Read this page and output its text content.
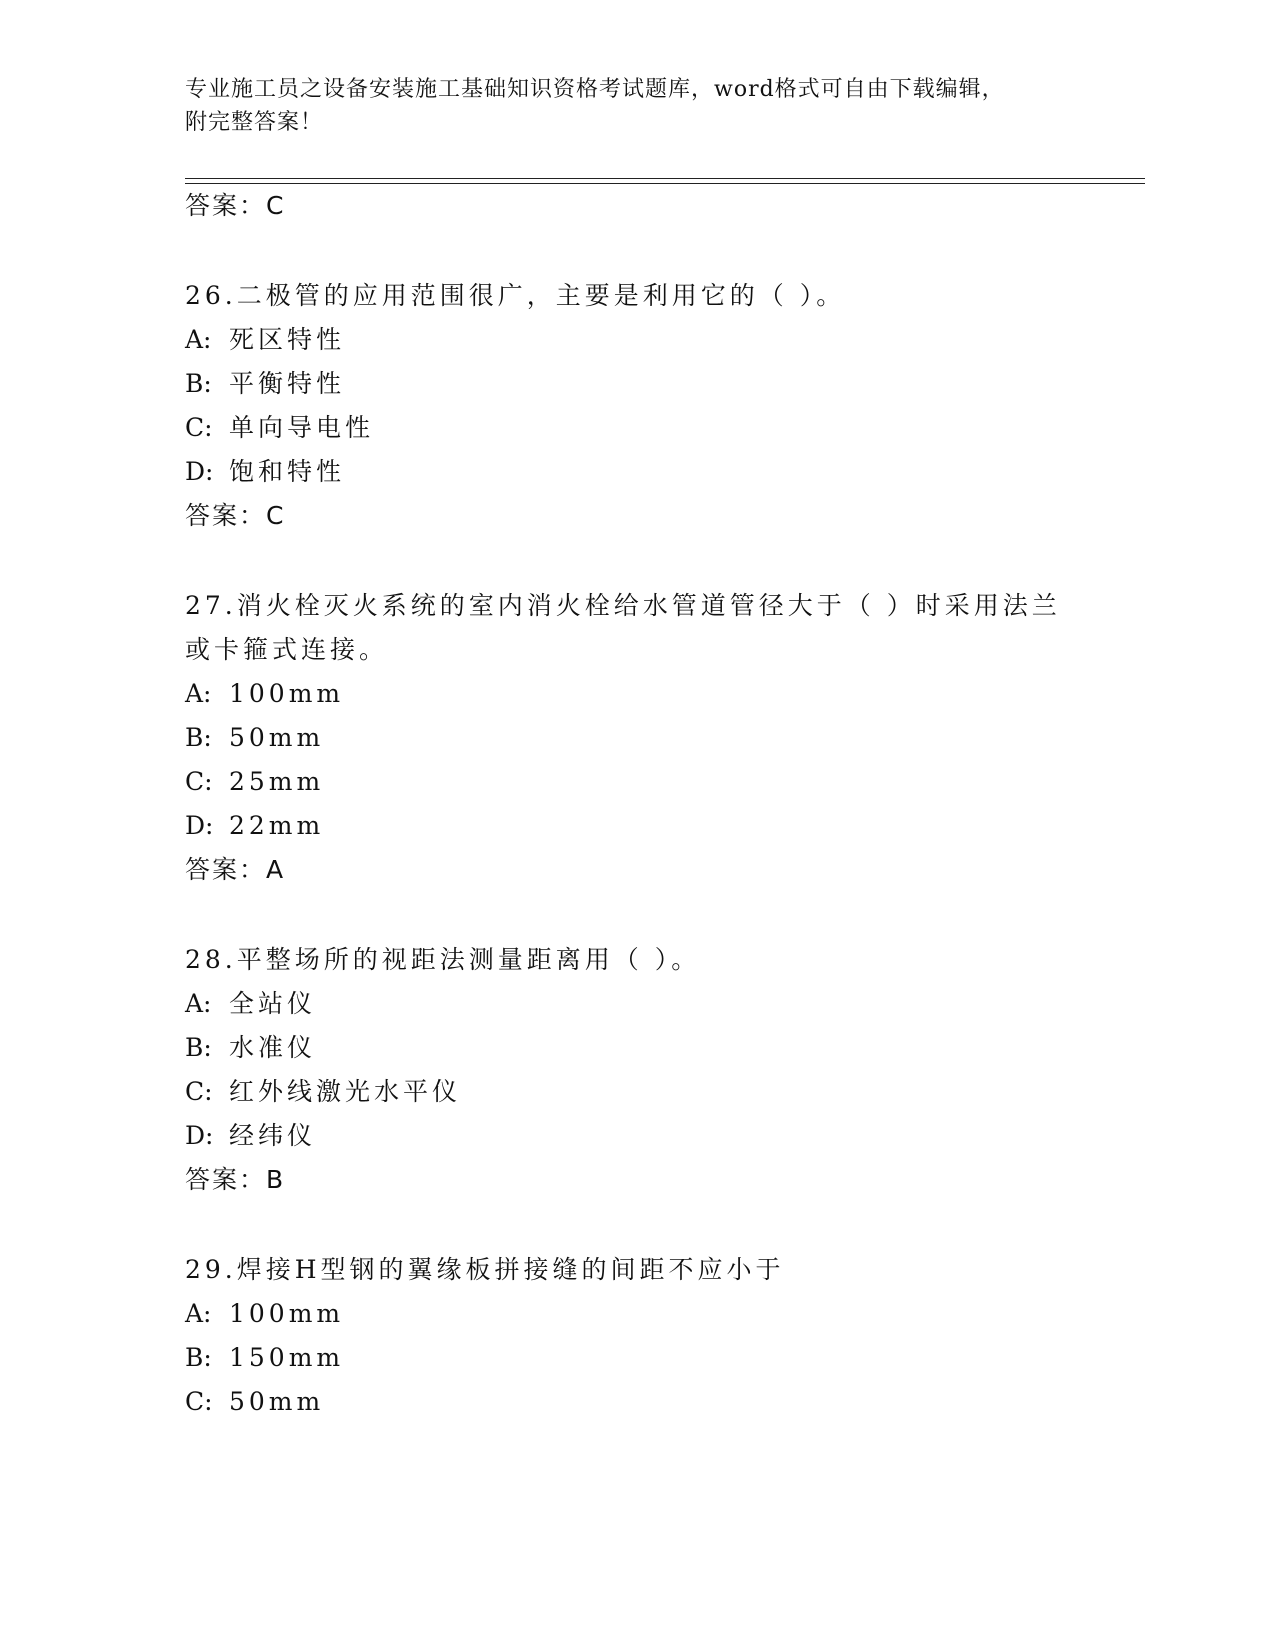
专业施工员之设备安装施工基础知识资格考试题库，word格式可自由下载编辑，
附完整答案！
答案：C
26.二极管的应用范围很广，主要是利用它的（ ）。
A: 死区特性
B: 平衡特性
C: 单向导电性
D: 饱和特性
答案：C
27.消火栓灭火系统的室内消火栓给水管道管径大于（ ）时采用法兰
或卡箍式连接。
A: 100mm
B: 50mm
C: 25mm
D: 22mm
答案：A
28.平整场所的视距法测量距离用（ ）。
A: 全站仪
B: 水准仪
C: 红外线激光水平仪
D: 经纬仪
答案：B
29.焊接H型钢的翼缘板拼接缝的间距不应小于
A: 100mm
B: 150mm
C: 50mm
